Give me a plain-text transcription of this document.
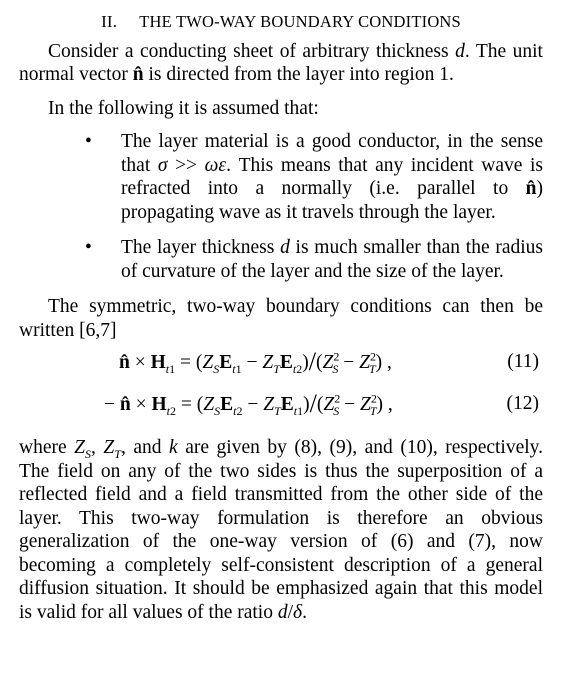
II. THE TWO-WAY BOUNDARY CONDITIONS

Consider a conducting sheet of arbitrary thickness d. The unit normal vector n̂ is directed from the layer into region 1.

In the following it is assumed that:

• The layer material is a good conductor, in the sense that σ >> ωε. This means that any incident wave is refracted into a normally (i.e. parallel to n̂) propagating wave as it travels through the layer.
• The layer thickness d is much smaller than the radius of curvature of the layer and the size of the layer.

The symmetric, two-way boundary conditions can then be written [6,7]

n̂ × $H_{t1} = (Z_SE_{t1} - Z_TE_{t2})/(Z^2_S - Z^2_T)$ ,	(11)
− n̂ × $H_{t2} = (Z_SE_{t2} - Z_TE_{t1})/(Z^2_S - Z^2_T)$ ,	(12)

where $Z_S$, $Z_T$, and k are given by (8), (9), and (10), respectively. The field on any of the two sides is thus the superposition of a reflected field and a field transmitted from the other side of the layer. This two-way formulation is therefore an obvious generalization of the one-way version of (6) and (7), now becoming a completely self-consistent description of a general diffusion situation. It should be emphasized again that this model is valid for all values of the ratio d/δ.
